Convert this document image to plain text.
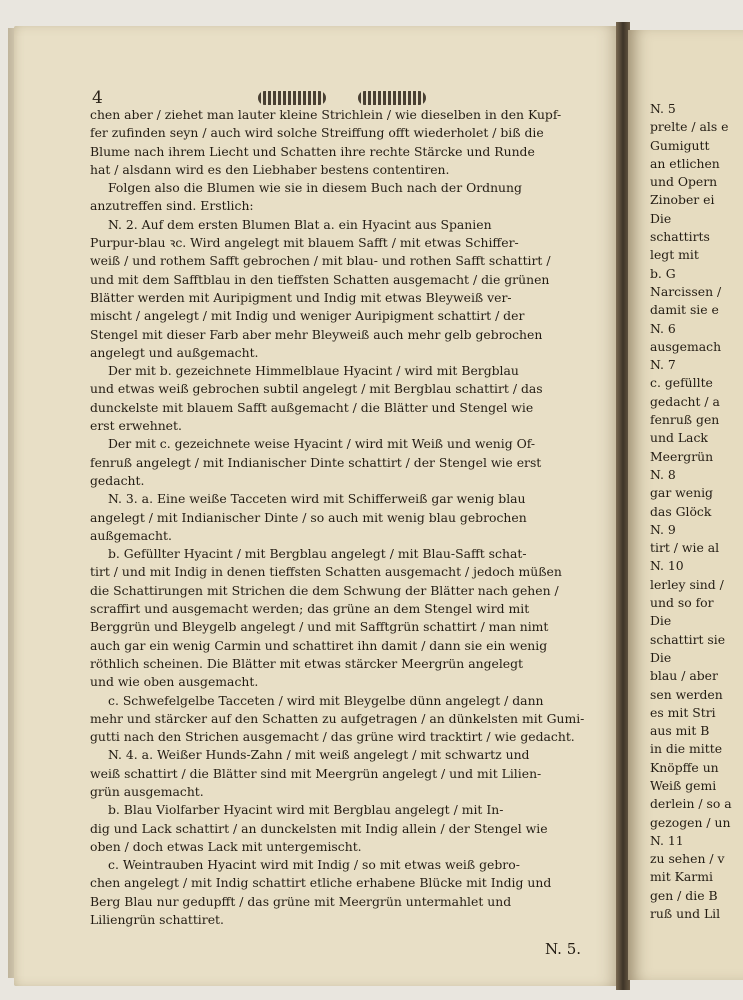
4
chen aber / ziehet man lauter kleine Strichlein / wie dieselben in den Kupf-
fer zufinden seyn / auch wird solche Streiffung offt wiederholet / biß die
Blume nach ihrem Liecht und Schatten ihre rechte Stärcke und Runde
hat / alsdann wird es den Liebhaber bestens contentiren.
Folgen also die Blumen wie sie in diesem Buch nach der Ordnung
anzutreffen sind. Erstlich:
N. 2. Auf dem ersten Blumen Blat a. ein Hyacint aus Spanien
Purpur-blau ꝛc. Wird angelegt mit blauem Safft / mit etwas Schiffer-
weiß / und rothem Safft gebrochen / mit blau- und rothen Safft schattirt /
und mit dem Safftblau in den tieffsten Schatten ausgemacht / die grünen
Blätter werden mit Auripigment und Indig mit etwas Bleyweiß ver-
mischt / angelegt / mit Indig und weniger Auripigment schattirt / der
Stengel mit dieser Farb aber mehr Bleyweiß auch mehr gelb gebrochen
angelegt und außgemacht.
Der mit b. gezeichnete Himmelblaue Hyacint / wird mit Bergblau
und etwas weiß gebrochen subtil angelegt / mit Bergblau schattirt / das
dunckelste mit blauem Safft außgemacht / die Blätter und Stengel wie
erst erwehnet.
Der mit c. gezeichnete weise Hyacint / wird mit Weiß und wenig Of-
fenruß angelegt / mit Indianischer Dinte schattirt / der Stengel wie erst
gedacht.
N. 3. a. Eine weiße Tacceten wird mit Schifferweiß gar wenig blau
angelegt / mit Indianischer Dinte / so auch mit wenig blau gebrochen
außgemacht.
b. Gefüllter Hyacint / mit Bergblau angelegt / mit Blau-Safft schat-
tirt / und mit Indig in denen tieffsten Schatten ausgemacht / jedoch müßen
die Schattirungen mit Strichen die dem Schwung der Blätter nach gehen /
scraffirt und ausgemacht werden; das grüne an dem Stengel wird mit
Berggrün und Bleygelb angelegt / und mit Safftgrün schattirt / man nimt
auch gar ein wenig Carmin und schattiret ihn damit / dann sie ein wenig
röthlich scheinen. Die Blätter mit etwas stärcker Meergrün angelegt
und wie oben ausgemacht.
c. Schwefelgelbe Tacceten / wird mit Bleygelbe dünn angelegt / dann
mehr und stärcker auf den Schatten zu aufgetragen / an dünkelsten mit Gumi-
gutti nach den Strichen ausgemacht / das grüne wird tracktirt / wie gedacht.
N. 4. a. Weißer Hunds-Zahn / mit weiß angelegt / mit schwartz und
weiß schattirt / die Blätter sind mit Meergrün angelegt / und mit Lilien-
grün ausgemacht.
b. Blau Violfarber Hyacint wird mit Bergblau angelegt / mit In-
dig und Lack schattirt / an dunckelsten mit Indig allein / der Stengel wie
oben / doch etwas Lack mit untergemischt.
c. Weintrauben Hyacint wird mit Indig / so mit etwas weiß gebro-
chen angelegt / mit Indig schattirt etliche erhabene Blücke mit Indig und
Berg Blau nur gedupfft / das grüne mit Meergrün untermahlet und
Liliengrün schattiret.
N. 5.
N. 5
prelte / als e
Gumigutt
an etlichen
und Opern
Zinober ei
Die
schattirts
legt mit
b. G
Narcissen /
damit sie e
N. 6
ausgemach
N. 7
c. gefüllte
gedacht / a
fenruß gen
und Lack
Meergrün
N. 8
gar wenig
das Glöck
N. 9
tirt / wie al
N. 10
lerley sind /
und so for
Die
schattirt sie
Die
blau / aber
sen werden
es mit Stri
aus mit B
in die mitte
Knöpffe un
Weiß gemi
derlein / so a
gezogen / un
N. 11
zu sehen / v
mit Karmi
gen / die B
ruß und Lil
